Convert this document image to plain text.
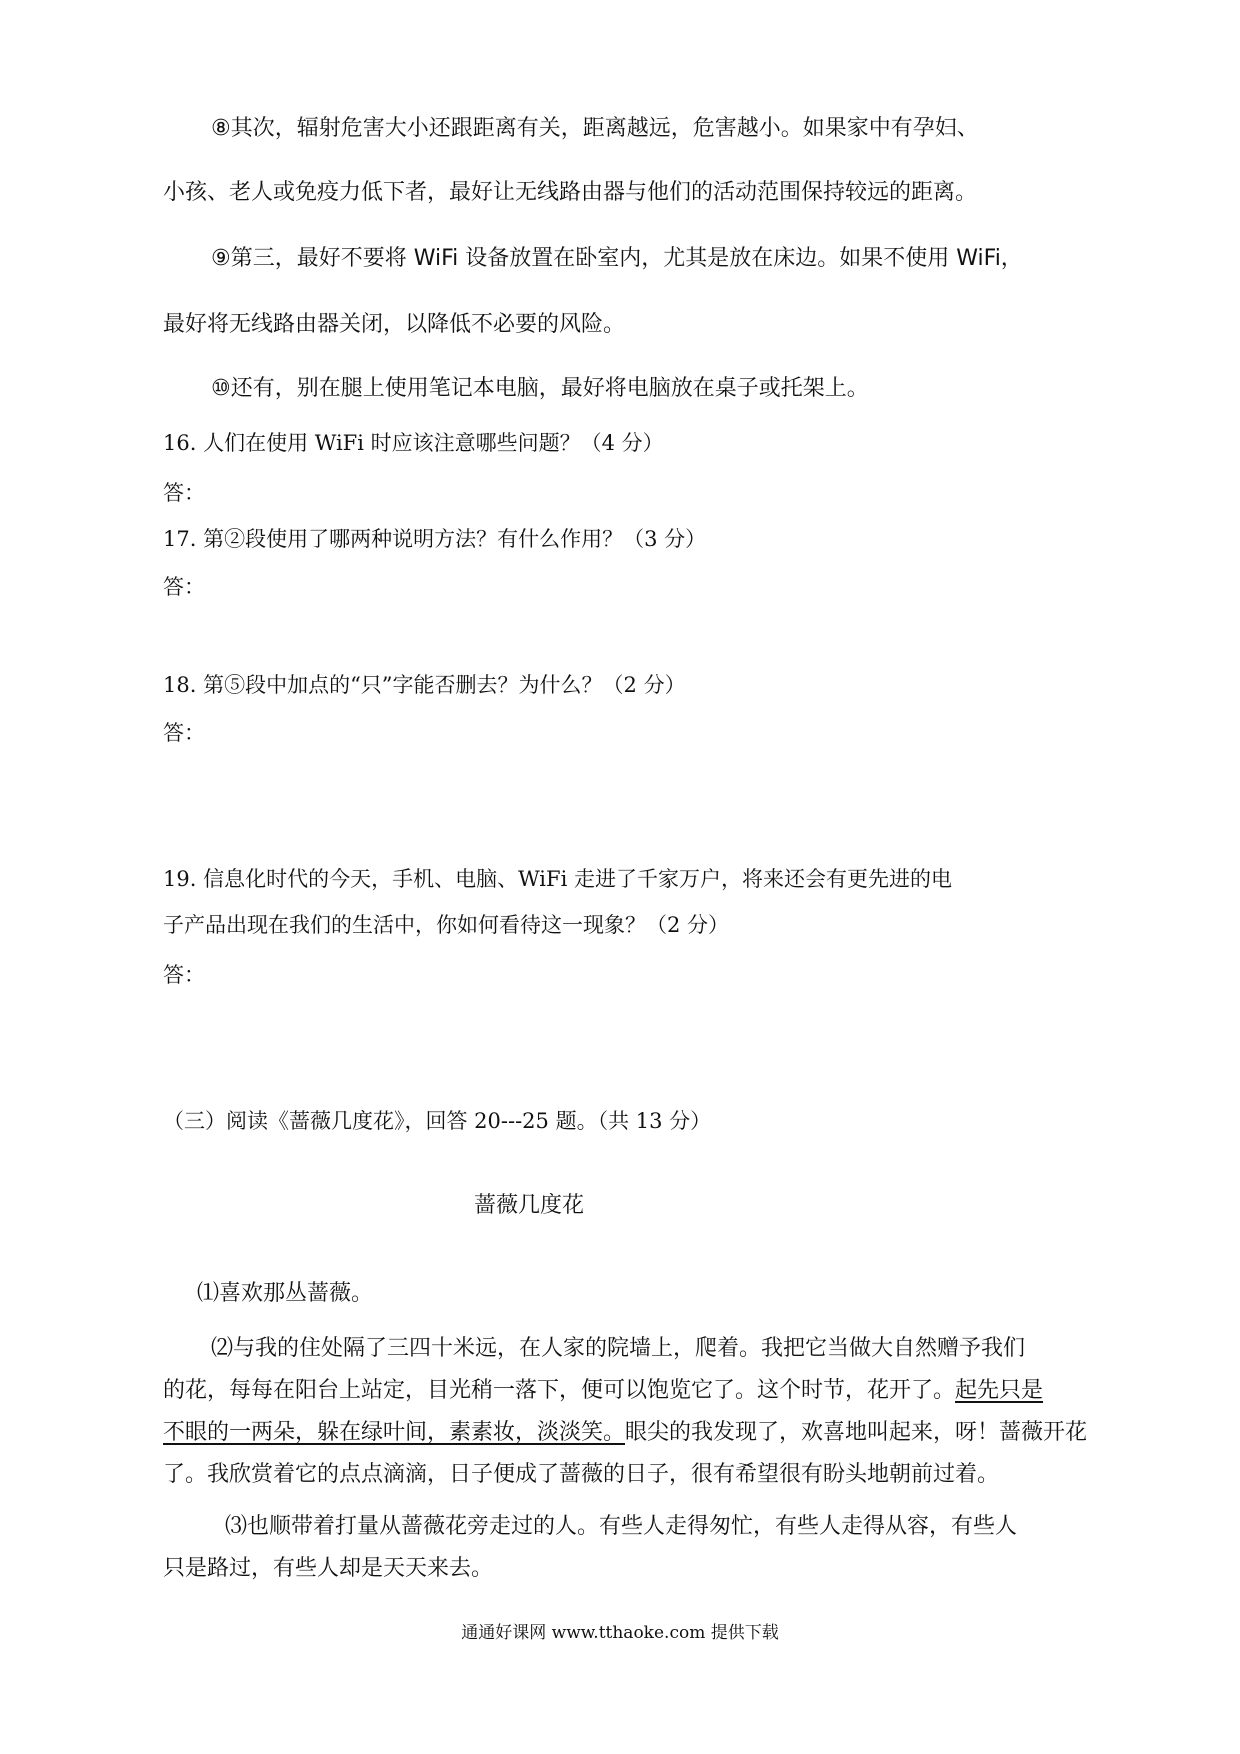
⑧其次，辐射危害大小还跟距离有关，距离越远，危害越小。如果家中有孕妇、
小孩、老人或免疫力低下者，最好让无线路由器与他们的活动范围保持较远的距离。
⑨第三，最好不要将 WiFi 设备放置在卧室内，尤其是放在床边。如果不使用 WiFi，
最好将无线路由器关闭，以降低不必要的风险。
⑩还有，别在腿上使用笔记本电脑，最好将电脑放在桌子或托架上。
16. 人们在使用 WiFi 时应该注意哪些问题？（4 分）
答：
17. 第②段使用了哪两种说明方法？有什么作用？（3 分）
答：
18. 第⑤段中加点的“只”字能否删去？为什么？（2 分）
答：
19. 信息化时代的今天，手机、电脑、WiFi 走进了千家万户，将来还会有更先进的电
子产品出现在我们的生活中，你如何看待这一现象？（2 分）
答：
（三）阅读《蔷薇几度花》，回答 20---25 题。（共 13 分）
蔷薇几度花
⑴喜欢那丛蔷薇。
⑵与我的住处隔了三四十米远，在人家的院墙上，爬着。我把它当做大自然赠予我们
的花，每每在阳台上站定，目光稍一落下，便可以饱览它了。这个时节，花开了。起先只是
不眼的一两朵，躲在绿叶间，素素妆，淡淡笑。眼尖的我发现了，欢喜地叫起来，呀！蔷薇开花
了。我欣赏着它的点点滴滴，日子便成了蔷薇的日子，很有希望很有盼头地朝前过着。
⑶也顺带着打量从蔷薇花旁走过的人。有些人走得匆忙，有些人走得从容，有些人
只是路过，有些人却是天天来去。
通通好课网 www.tthaoke.com 提供下载
